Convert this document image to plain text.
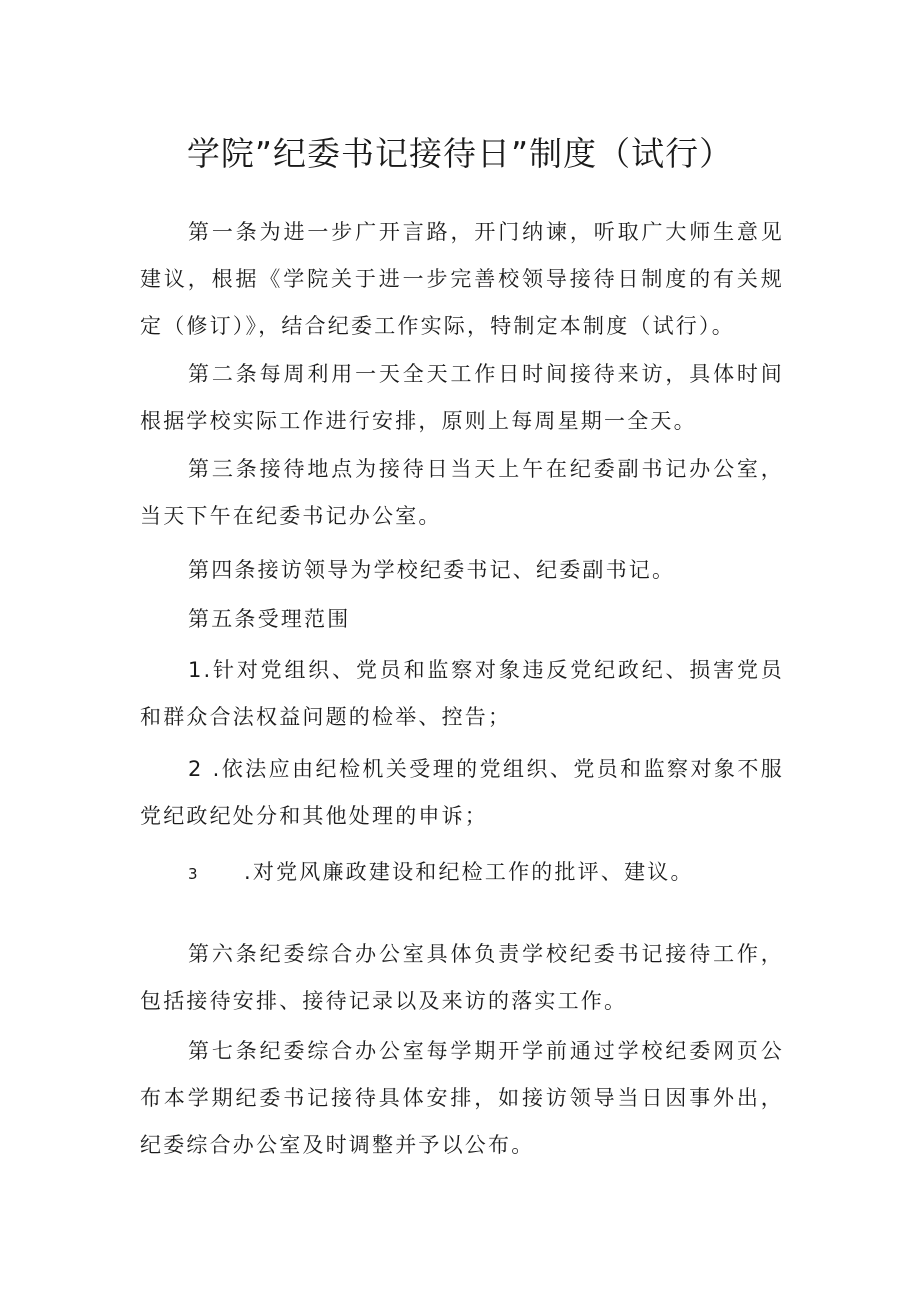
学院”纪委书记接待日”制度（试行）

第一条为进一步广开言路，开门纳谏，听取广大师生意见建议，根据《学院关于进一步完善校领导接待日制度的有关规定（修订）》，结合纪委工作实际，特制定本制度（试行）。

第二条每周利用一天全天工作日时间接待来访，具体时间根据学校实际工作进行安排，原则上每周星期一全天。

第三条接待地点为接待日当天上午在纪委副书记办公室，当天下午在纪委书记办公室。

第四条接访领导为学校纪委书记、纪委副书记。

第五条受理范围

1.针对党组织、党员和监察对象违反党纪政纪、损害党员和群众合法权益问题的检举、控告；

2 .依法应由纪检机关受理的党组织、党员和监察对象不服党纪政纪处分和其他处理的申诉；

3 .对党风廉政建设和纪检工作的批评、建议。

第六条纪委综合办公室具体负责学校纪委书记接待工作，包括接待安排、接待记录以及来访的落实工作。

第七条纪委综合办公室每学期开学前通过学校纪委网页公布本学期纪委书记接待具体安排，如接访领导当日因事外出，纪委综合办公室及时调整并予以公布。
